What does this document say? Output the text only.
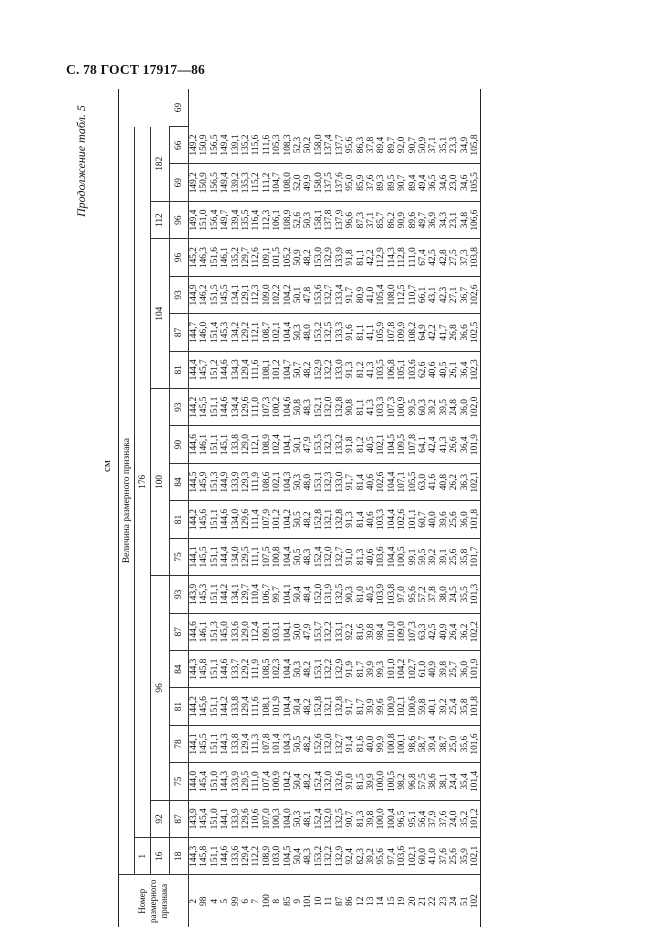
С. 78 ГОСТ 17917—86
Продолжение табл. 5
см
Номер размерного признака	Величина размерного признака																				
	1	176																			
	16	92	96						100					104				112	182		
	18	87	75	78	81	84	87	93	75	81	84	90	93	81	87	93	96	96	69	66	69
2	144,3	143,9	144,0	144,1	144,2	144,3	144,6	143,9	144,1	144,2	144,5	144,6	144,2	144,4	144,7	144,9	145,2	149,4	149,2	149,2	
98	145,8	145,4	145,4	145,5	145,6	145,8	146,1	145,3	145,5	145,6	145,9	146,1	145,5	145,7	146,0	146,2	146,3	151,0	150,9	150,9	
4	151,1	151,0	151,0	151,1	151,1	151,1	151,3	151,1	151,1	151,1	151,3	151,1	151,1	151,2	151,4	151,5	151,6	156,4	156,5	156,5	
5	144,6	144,1	144,3	144,3	144,2	144,6	145,0	144,2	144,4	144,6	144,9	145,1	144,6	144,6	145,3	145,5	146,1	149,7	149,4	149,4	
99	133,6	133,9	133,9	133,8	133,8	133,7	133,6	134,1	134,0	134,0	133,9	133,8	134,4	134,3	134,2	134,1	135,2	139,4	139,2	139,1	
6	129,4	129,6	129,5	129,4	129,4	129,2	129,0	129,7	129,5	129,6	129,3	129,0	129,6	129,4	129,2	129,1	129,7	135,5	135,3	135,2	
7	112,2	110,6	111,0	111,3	111,6	111,9	112,4	110,4	111,1	111,4	111,9	112,1	111,0	111,6	112,1	112,3	112,6	116,4	115,2	115,6	
100	108,9	107,0	107,4	107,8	108,1	108,5	109,1	106,7	107,5	107,9	108,6	108,9	107,3	108,1	108,7	109,0	109,1	112,3	111,2	111,6	
8	103,0	100,3	100,9	101,4	101,9	102,3	103,1	99,7	100,8	101,2	102,1	102,4	100,2	101,2	102,1	102,2	101,5	106,1	104,7	105,3	
85	104,5	104,0	104,2	104,3	104,4	104,4	104,1	104,1	104,4	104,2	104,3	104,1	104,6	104,7	104,4	104,2	105,2	108,9	108,0	108,3	
9	50,4	50,3	50,4	50,5	50,4	50,3	50,0	50,4	50,5	50,5	50,3	50,1	50,8	50,7	50,3	50,1	50,9	52,6	52,0	52,3	
101	48,3	48,1	48,2	48,2	48,2	48,2	47,9	48,4	48,3	48,2	48,0	47,9	48,3	48,2	48,0	47,8	48,2	50,3	49,9	50,2	
10	153,2	152,4	152,4	152,6	152,8	153,1	153,7	152,0	152,4	152,8	153,1	153,5	152,1	152,9	153,2	153,6	153,0	158,1	158,0	158,0	
11	132,2	132,0	132,0	132,0	132,1	132,2	132,2	131,9	132,0	132,1	132,3	132,3	132,0	132,2	132,5	132,7	132,9	137,8	137,5	137,4	
87	132,9	132,5	132,6	132,7	132,8	132,9	133,1	132,5	132,7	132,8	133,0	133,2	132,8	133,0	133,3	133,4	133,9	137,9	137,6	137,7	
86	92,4	90,7	91,0	91,4	91,7	91,9	92,2	90,3	91,0	91,3	91,7	91,8	90,8	91,3	91,6	91,7	91,8	96,6	95,0	95,6	
12	82,3	81,3	81,5	81,6	81,7	81,7	81,6	81,0	81,3	81,4	81,4	81,2	81,1	81,2	81,1	80,9	81,1	87,3	85,9	86,3	
13	39,2	39,8	39,9	40,0	39,9	39,9	39,8	40,5	40,6	40,6	40,6	40,5	41,3	41,3	41,1	41,0	42,2	37,1	37,6	37,8	
14	95,6	100,0	100,0	99,9	99,6	99,3	98,4	103,9	103,6	103,3	102,6	102,1	103,3	103,5	105,9	105,4	112,9	85,7	89,3	89,4	
15	97,4	100,4	100,5	100,8	100,9	101,0	101,0	103,8	104,4	104,4	104,4	104,5	107,3	106,8	107,8	108,0	114,3	86,2	89,5	89,7	
19	103,6	96,5	98,2	100,1	102,1	104,2	109,0	97,0	100,5	102,6	107,1	109,5	100,9	105,1	109,9	112,5	112,8	90,9	90,7	92,0	
20	102,1	95,1	96,8	98,6	100,6	102,7	107,3	95,6	99,1	101,1	105,5	107,8	99,5	103,6	108,2	110,7	111,0	89,6	89,4	90,7	
21	60,0	56,4	57,5	58,7	59,8	61,0	63,3	57,2	59,5	60,7	63,0	64,1	60,3	62,6	64,9	66,1	67,4	49,7	49,4	50,9	
22	41,0	37,9	38,6	39,4	40,1	40,9	42,5	37,8	39,2	40,0	41,6	42,4	39,2	40,6	42,2	43,1	42,5	36,9	36,5	37,1	
23	37,6	37,6	38,1	38,7	39,2	39,8	40,9	38,0	39,1	39,6	40,8	41,3	39,5	40,5	41,7	42,3	42,8	34,3	34,6	35,1	
24	25,6	24,0	24,4	25,0	25,4	25,7	26,4	24,5	25,6	25,6	26,2	26,6	24,8	26,1	26,8	27,1	27,5	23,1	23,0	23,3	
51	35,9	35,2	35,4	35,6	35,8	36,0	36,2	35,5	35,8	36,0	36,3	36,4	36,0	36,4	36,6	36,7	37,3	34,8	34,6	34,9	
102	102,1	101,2	101,4	101,6	101,8	101,9	102,2	101,3	101,7	101,8	102,1	101,9	102,0	102,3	102,5	102,6	103,8	106,6	105,5	105,8	
